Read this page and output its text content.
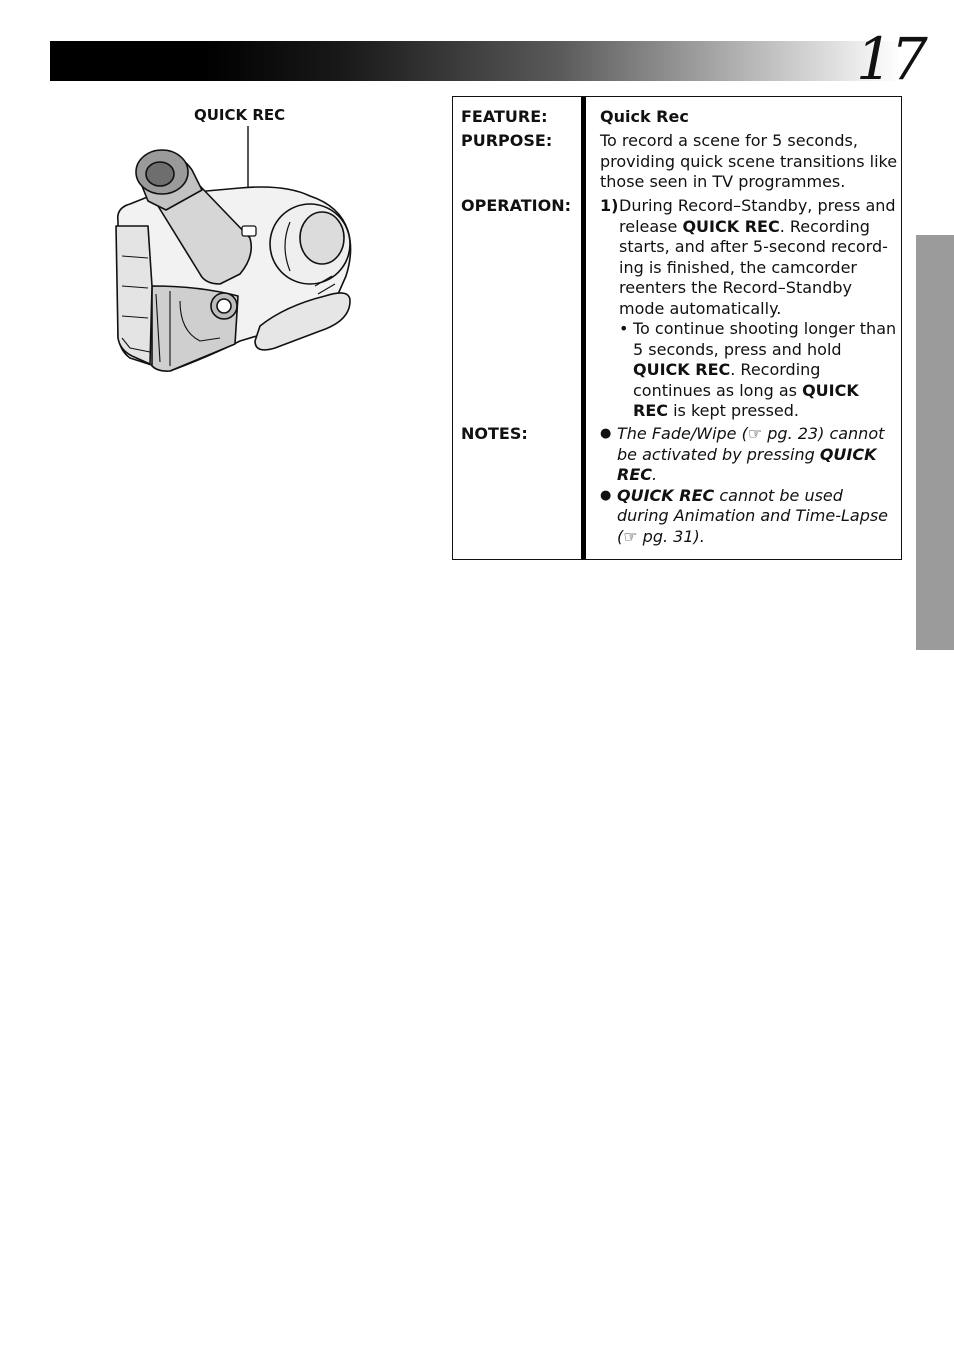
17
QUICK REC	FEATURE:	Quick Rec
PURPOSE:	To record a scene for 5 seconds, providing quick scene transitions like those seen in TV programmes.
OPERATION: 1) During Record–Standby, press and release QUICK REC. Recording starts, and after 5-second record-ing is finished, the camcorder reenters the Record–Standby mode automatically.
• To continue shooting longer than 5 seconds, press and hold QUICK REC. Recording continues as long as QUICK REC is kept pressed.
NOTES:	● The Fade/Wipe (☞ pg. 23) cannot be activated by pressing QUICK REC.
● QUICK REC cannot be used during Animation and Time-Lapse (☞ pg. 31).
